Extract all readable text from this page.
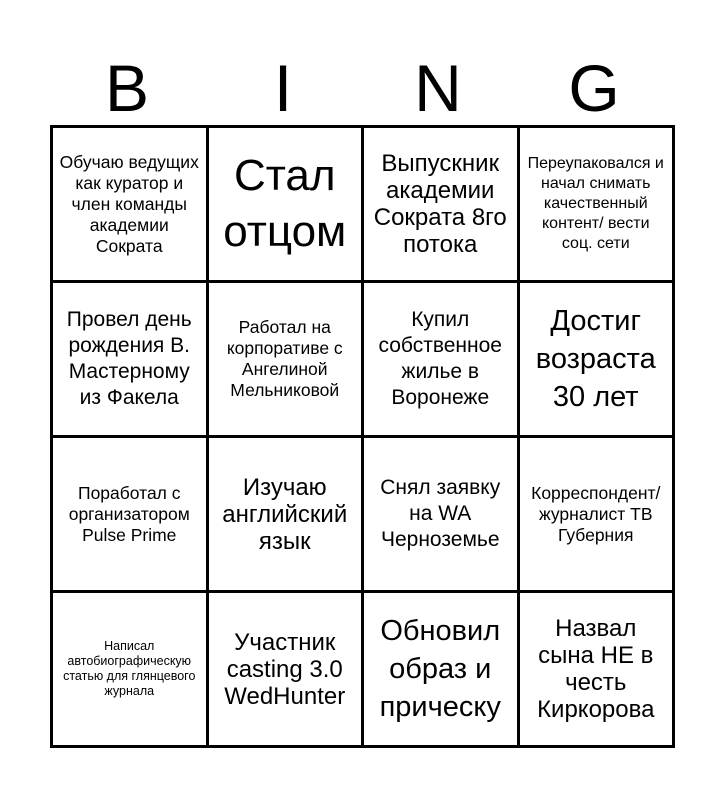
B	I	N	G
Обучаю ведущих как куратор и член команды академии Сократа
Стал отцом
Выпускник академии Сократа 8го потока
Переупаковался и начал снимать качественный контент/ вести соц. сети
Провел день рождения В. Мастерному из Факела
Работал на корпоративе с Ангелиной Мельниковой
Купил собственное жилье в Воронеже
Достиг возраста 30 лет
Поработал с организатором Pulse Prime
Изучаю английский язык
Снял заявку на WA Черноземье
Корреспондент/ журналист ТВ Губерния
Написал автобиографическую статью для глянцевого журнала
Участник casting 3.0 WedHunter
Обновил образ и прическу
Назвал сына НЕ в честь Киркорова
